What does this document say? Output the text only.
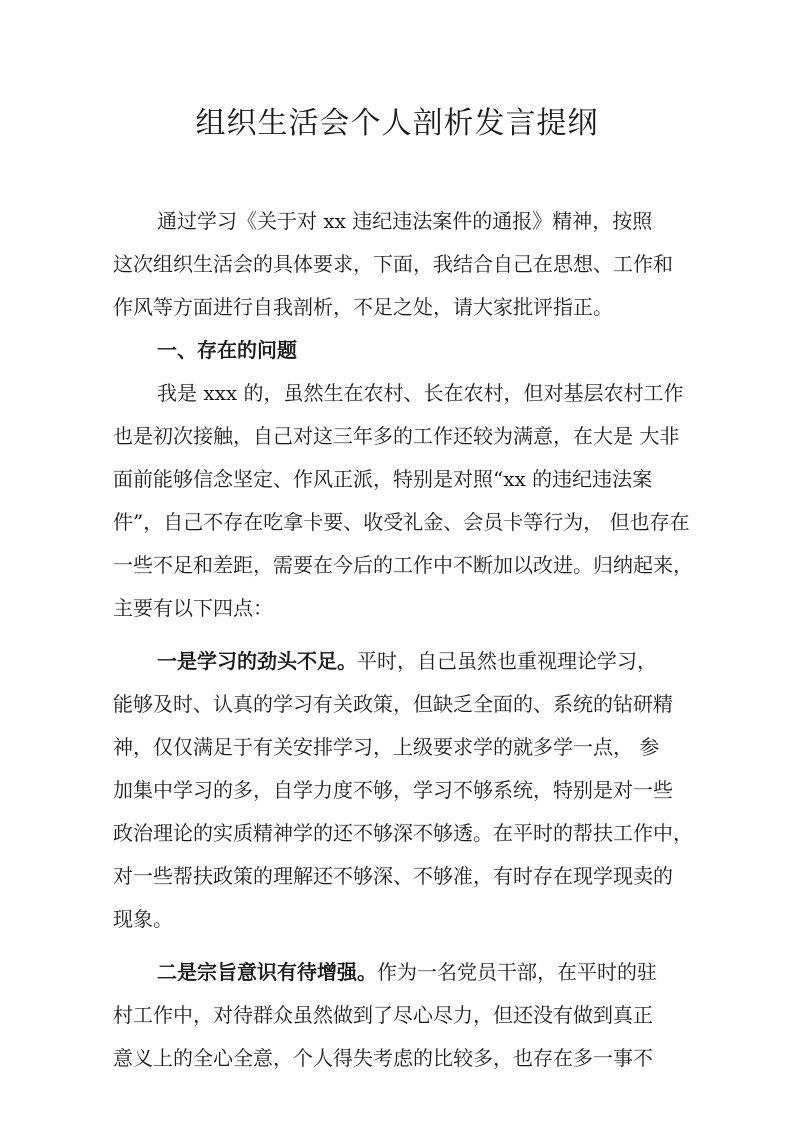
组织生活会个人剖析发言提纲
通过学习《关于对 xx 违纪违法案件的通报》精神，按照
这次组织生活会的具体要求，下面，我结合自己在思想、工作和
作风等方面进行自我剖析，不足之处，请大家批评指正。
一、存在的问题
我是 xxx 的，虽然生在农村、长在农村，但对基层农村工作
也是初次接触，自己对这三年多的工作还较为满意，在大是 大非
面前能够信念坚定、作风正派，特别是对照“xx 的违纪违法案
件”，自己不存在吃拿卡要、收受礼金、会员卡等行为， 但也存在
一些不足和差距，需要在今后的工作中不断加以改进。归纳起来，
主要有以下四点：
一是学习的劲头不足。平时，自己虽然也重视理论学习，
能够及时、认真的学习有关政策，但缺乏全面的、系统的钻研精
神，仅仅满足于有关安排学习，上级要求学的就多学一点， 参
加集中学习的多，自学力度不够，学习不够系统，特别是对一些
政治理论的实质精神学的还不够深不够透。在平时的帮扶工作中，
对一些帮扶政策的理解还不够深、不够准，有时存在现学现卖的
现象。
二是宗旨意识有待增强。作为一名党员干部，在平时的驻
村工作中，对待群众虽然做到了尽心尽力，但还没有做到真正
意义上的全心全意，个人得失考虑的比较多，也存在多一事不
